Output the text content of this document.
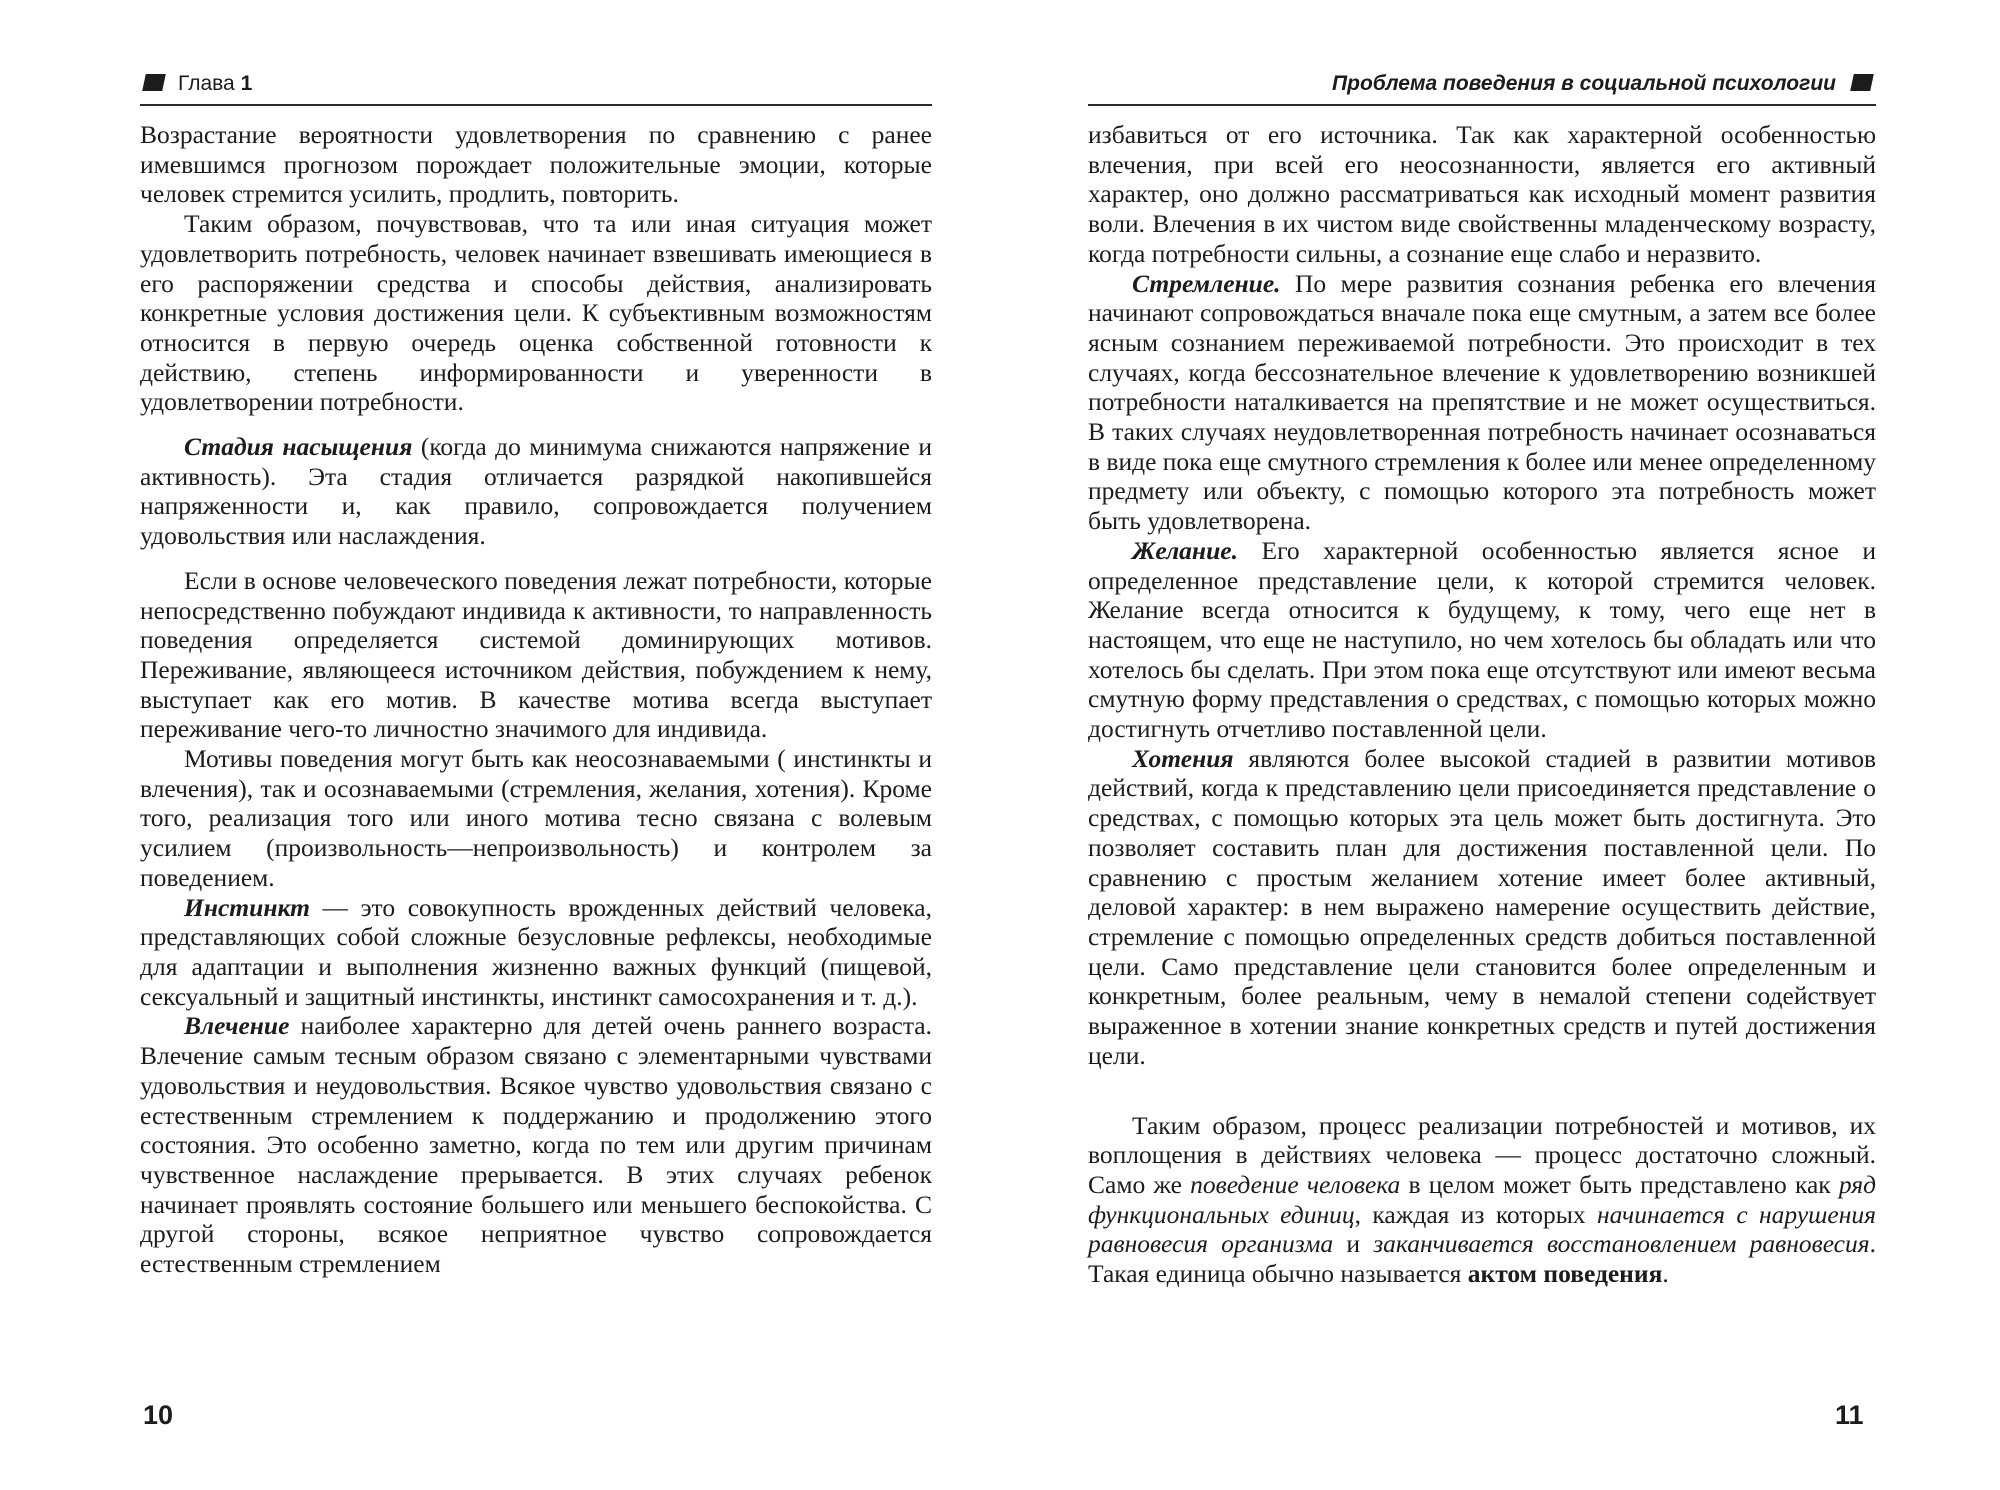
Глава 1

Возрастание вероятности удовлетворения по сравнению с ранее имевшимся прогнозом порождает положительные эмоции, которые человек стремится усилить, продлить, повторить.

Таким образом, почувствовав, что та или иная ситуация может удовлетворить потребность, человек начинает взвешивать имеющиеся в его распоряжении средства и способы действия, анализировать конкретные условия достижения цели. К субъективным возможностям относится в первую очередь оценка собственной готовности к действию, степень информированности и уверенности в удовлетворении потребности.

Стадия насыщения (когда до минимума снижаются напряжение и активность). Эта стадия отличается разрядкой накопившейся напряженности и, как правило, сопровождается получением удовольствия или наслаждения.

Если в основе человеческого поведения лежат потребности, которые непосредственно побуждают индивида к активности, то направленность поведения определяется системой доминирующих мотивов. Переживание, являющееся источником действия, побуждением к нему, выступает как его мотив. В качестве мотива всегда выступает переживание чего-то личностно значимого для индивида.

Мотивы поведения могут быть как неосознаваемыми ( инстинкты и влечения), так и осознаваемыми (стремления, желания, хотения). Кроме того, реализация того или иного мотива тесно связана с волевым усилием (произвольность—непроизвольность) и контролем за поведением.

Инстинкт — это совокупность врожденных действий человека, представляющих собой сложные безусловные рефлексы, необходимые для адаптации и выполнения жизненно важных функций (пищевой, сексуальный и защитный инстинкты, инстинкт самосохранения и т. д.).

Влечение наиболее характерно для детей очень раннего возраста. Влечение самым тесным образом связано с элементарными чувствами удовольствия и неудовольствия. Всякое чувство удовольствия связано с естественным стремлением к поддержанию и продолжению этого состояния. Это особенно заметно, когда по тем или другим причинам чувственное наслаждение прерывается. В этих случаях ребенок начинает проявлять состояние большего или меньшего беспокойства. С другой стороны, всякое неприятное чувство сопровождается естественным стремлением

10
Проблема поведения в социальной психологии

избавиться от его источника. Так как характерной особенностью влечения, при всей его неосознанности, является его активный характер, оно должно рассматриваться как исходный момент развития воли. Влечения в их чистом виде свойственны младенческому возрасту, когда потребности сильны, а сознание еще слабо и неразвито.

Стремление. По мере развития сознания ребенка его влечения начинают сопровождаться вначале пока еще смутным, а затем все более ясным сознанием переживаемой потребности. Это происходит в тех случаях, когда бессознательное влечение к удовлетворению возникшей потребности наталкивается на препятствие и не может осуществиться. В таких случаях неудовлетворенная потребность начинает осознаваться в виде пока еще смутного стремления к более или менее определенному предмету или объекту, с помощью которого эта потребность может быть удовлетворена.

Желание. Его характерной особенностью является ясное и определенное представление цели, к которой стремится человек. Желание всегда относится к будущему, к тому, чего еще нет в настоящем, что еще не наступило, но чем хотелось бы обладать или что хотелось бы сделать. При этом пока еще отсутствуют или имеют весьма смутную форму представления о средствах, с помощью которых можно достигнуть отчетливо поставленной цели.

Хотения являются более высокой стадией в развитии мотивов действий, когда к представлению цели присоединяется представление о средствах, с помощью которых эта цель может быть достигнута. Это позволяет составить план для достижения поставленной цели. По сравнению с простым желанием хотение имеет более активный, деловой характер: в нем выражено намерение осуществить действие, стремление с помощью определенных средств добиться поставленной цели. Само представление цели становится более определенным и конкретным, более реальным, чему в немалой степени содействует выраженное в хотении знание конкретных средств и путей достижения цели.

Таким образом, процесс реализации потребностей и мотивов, их воплощения в действиях человека — процесс достаточно сложный. Само же поведение человека в целом может быть представлено как ряд функциональных единиц, каждая из которых начинается с нарушения равновесия организма и заканчивается восстановлением равновесия. Такая единица обычно называется актом поведения.

11
